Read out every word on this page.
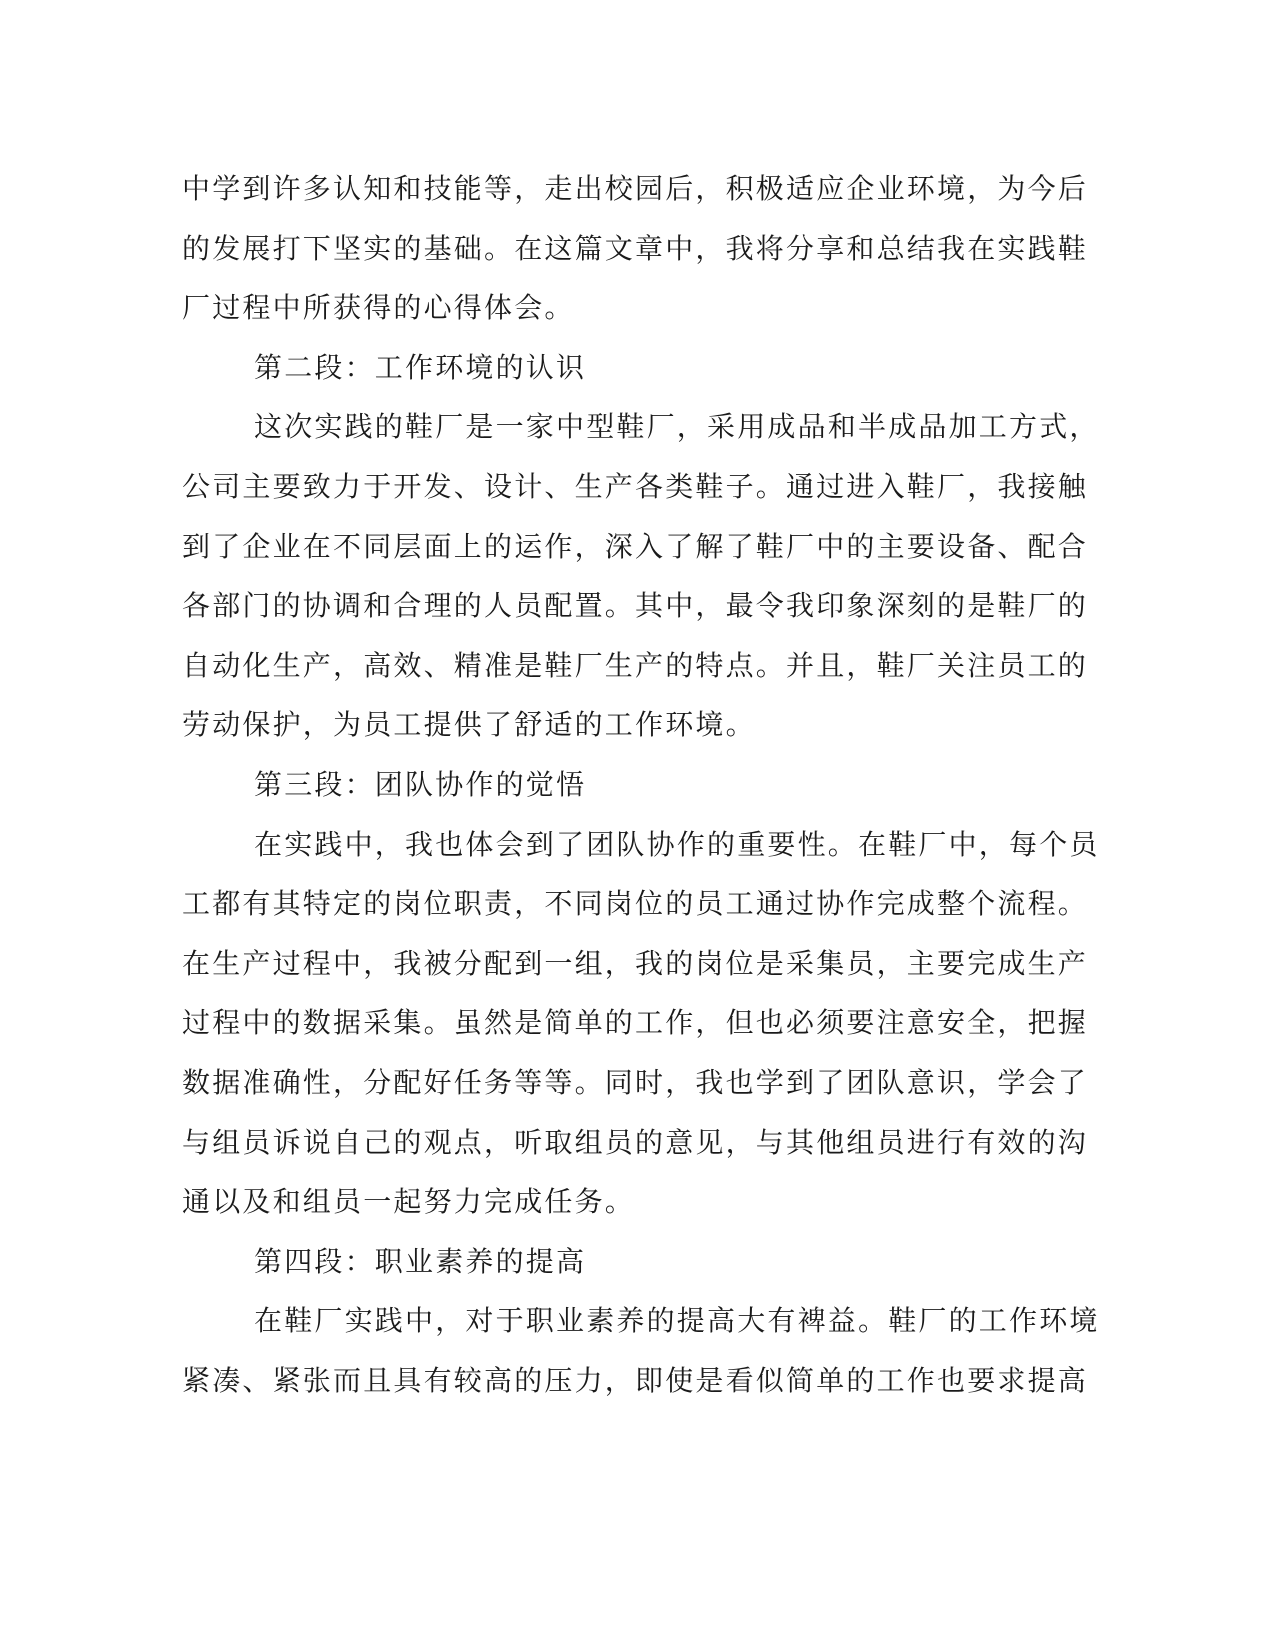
中学到许多认知和技能等，走出校园后，积极适应企业环境，为今后
的发展打下坚实的基础。在这篇文章中，我将分享和总结我在实践鞋
厂过程中所获得的心得体会。
第二段：工作环境的认识
这次实践的鞋厂是一家中型鞋厂，采用成品和半成品加工方式，
公司主要致力于开发、设计、生产各类鞋子。通过进入鞋厂，我接触
到了企业在不同层面上的运作，深入了解了鞋厂中的主要设备、配合
各部门的协调和合理的人员配置。其中，最令我印象深刻的是鞋厂的
自动化生产，高效、精准是鞋厂生产的特点。并且，鞋厂关注员工的
劳动保护，为员工提供了舒适的工作环境。
第三段：团队协作的觉悟
在实践中，我也体会到了团队协作的重要性。在鞋厂中，每个员
工都有其特定的岗位职责，不同岗位的员工通过协作完成整个流程。
在生产过程中，我被分配到一组，我的岗位是采集员，主要完成生产
过程中的数据采集。虽然是简单的工作，但也必须要注意安全，把握
数据准确性，分配好任务等等。同时，我也学到了团队意识，学会了
与组员诉说自己的观点，听取组员的意见，与其他组员进行有效的沟
通以及和组员一起努力完成任务。
第四段：职业素养的提高
在鞋厂实践中，对于职业素养的提高大有裨益。鞋厂的工作环境
紧凑、紧张而且具有较高的压力，即使是看似简单的工作也要求提高
